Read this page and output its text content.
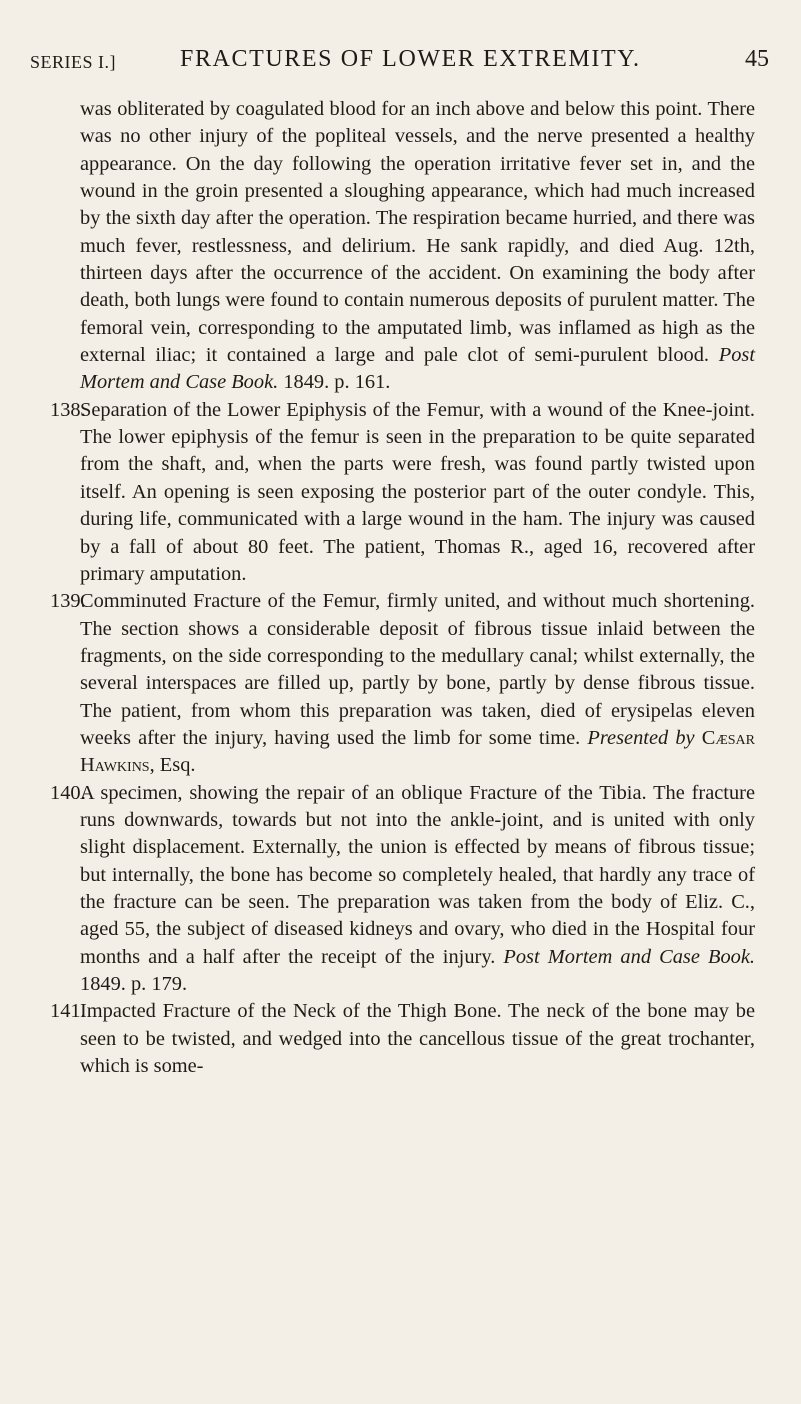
SERIES I.]	FRACTURES OF LOWER EXTREMITY.	45

was obliterated by coagulated blood for an inch above and below this point. There was no other injury of the popliteal vessels, and the nerve presented a healthy appearance. On the day following the operation irritative fever set in, and the wound in the groin presented a sloughing appearance, which had much increased by the sixth day after the operation. The respiration became hurried, and there was much fever, restlessness, and delirium. He sank rapidly, and died Aug. 12th, thirteen days after the occurrence of the accident. On examining the body after death, both lungs were found to contain numerous deposits of purulent matter. The femoral vein, corresponding to the amputated limb, was inflamed as high as the external iliac; it contained a large and pale clot of semi-purulent blood. Post Mortem and Case Book. 1849. p. 161.

138.

Separation of the Lower Epiphysis of the Femur, with a wound of the Knee-joint. The lower epiphysis of the femur is seen in the preparation to be quite separated from the shaft, and, when the parts were fresh, was found partly twisted upon itself. An opening is seen exposing the posterior part of the outer condyle. This, during life, communicated with a large wound in the ham. The injury was caused by a fall of about 80 feet. The patient, Thomas R., aged 16, recovered after primary amputation.

139.

Comminuted Fracture of the Femur, firmly united, and without much shortening. The section shows a considerable deposit of fibrous tissue inlaid between the fragments, on the side corresponding to the medullary canal; whilst externally, the several interspaces are filled up, partly by bone, partly by dense fibrous tissue. The patient, from whom this preparation was taken, died of erysipelas eleven weeks after the injury, having used the limb for some time. Presented by Cæsar Hawkins, Esq.

140.

A specimen, showing the repair of an oblique Fracture of the Tibia. The fracture runs downwards, towards but not into the ankle-joint, and is united with only slight displacement. Externally, the union is effected by means of fibrous tissue; but internally, the bone has become so completely healed, that hardly any trace of the fracture can be seen. The preparation was taken from the body of Eliz. C., aged 55, the subject of diseased kidneys and ovary, who died in the Hospital four months and a half after the receipt of the injury. Post Mortem and Case Book. 1849. p. 179.

141.

Impacted Fracture of the Neck of the Thigh Bone. The neck of the bone may be seen to be twisted, and wedged into the cancellous tissue of the great trochanter, which is some-
